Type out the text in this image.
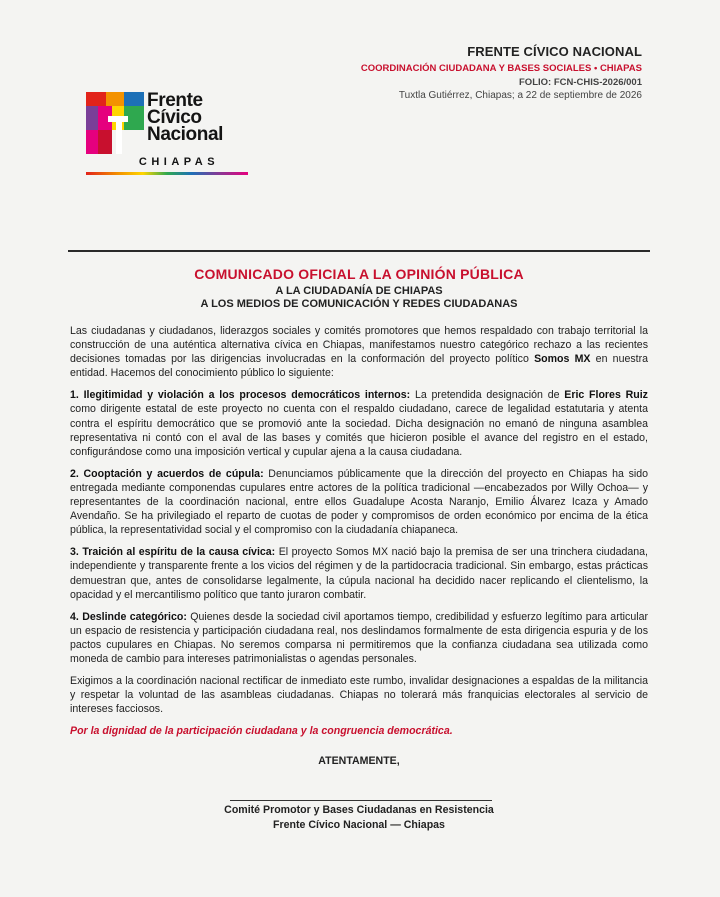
FRENTE CÍVICO NACIONAL
COORDINACIÓN CIUDADANA Y BASES SOCIALES • CHIAPAS
FOLIO: FCN-CHIS-2026/001
Tuxtla Gutiérrez, Chiapas; a 22 de septiembre de 2026
Frente
Cívico
Nacional
CHIAPAS
COMUNICADO OFICIAL A LA OPINIÓN PÚBLICA
A LA CIUDADANÍA DE CHIAPAS
A LOS MEDIOS DE COMUNICACIÓN Y REDES CIUDADANAS

Las ciudadanas y ciudadanos, liderazgos sociales y comités promotores que hemos respaldado con trabajo territorial la construcción de una auténtica alternativa cívica en Chiapas, manifestamos nuestro categórico rechazo a las recientes decisiones tomadas por las dirigencias involucradas en la conformación del proyecto político Somos MX en nuestra entidad. Hacemos del conocimiento público lo siguiente:

1. Ilegitimidad y violación a los procesos democráticos internos: La pretendida designación de Eric Flores Ruiz como dirigente estatal de este proyecto no cuenta con el respaldo ciudadano, carece de legalidad estatutaria y atenta contra el espíritu democrático que se promovió ante la sociedad. Dicha designación no emanó de ninguna asamblea representativa ni contó con el aval de las bases y comités que hicieron posible el avance del registro en el estado, configurándose como una imposición vertical y cupular ajena a la causa ciudadana.

2. Cooptación y acuerdos de cúpula: Denunciamos públicamente que la dirección del proyecto en Chiapas ha sido entregada mediante componendas cupulares entre actores de la política tradicional —encabezados por Willy Ochoa— y representantes de la coordinación nacional, entre ellos Guadalupe Acosta Naranjo, Emilio Álvarez Icaza y Amado Avendaño. Se ha privilegiado el reparto de cuotas de poder y compromisos de orden económico por encima de la ética pública, la representatividad social y el compromiso con la ciudadanía chiapaneca.

3. Traición al espíritu de la causa cívica: El proyecto Somos MX nació bajo la premisa de ser una trinchera ciudadana, independiente y transparente frente a los vicios del régimen y de la partidocracia tradicional. Sin embargo, estas prácticas demuestran que, antes de consolidarse legalmente, la cúpula nacional ha decidido nacer replicando el clientelismo, la opacidad y el mercantilismo político que tanto juraron combatir.

4. Deslinde categórico: Quienes desde la sociedad civil aportamos tiempo, credibilidad y esfuerzo legítimo para articular un espacio de resistencia y participación ciudadana real, nos deslindamos formalmente de esta dirigencia espuria y de los pactos cupulares en Chiapas. No seremos comparsa ni permitiremos que la confianza ciudadana sea utilizada como moneda de cambio para intereses patrimonialistas o agendas personales.

Exigimos a la coordinación nacional rectificar de inmediato este rumbo, invalidar designaciones a espaldas de la militancia y respetar la voluntad de las asambleas ciudadanas. Chiapas no tolerará más franquicias electorales al servicio de intereses facciosos.

Por la dignidad de la participación ciudadana y la congruencia democrática.

ATENTAMENTE,
Comité Promotor y Bases Ciudadanas en Resistencia
Frente Cívico Nacional — Chiapas
